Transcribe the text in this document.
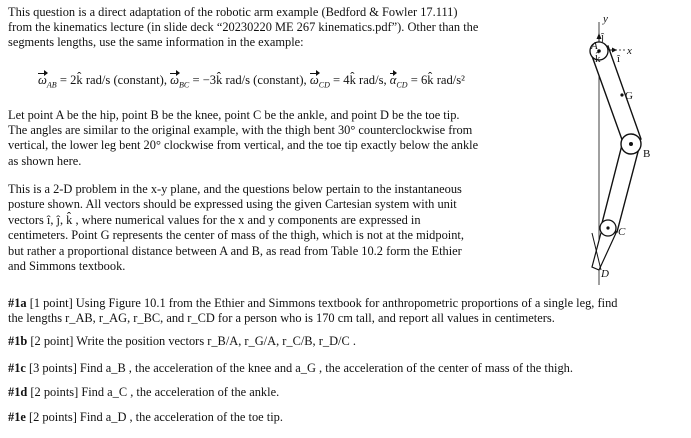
This question is a direct adaptation of the robotic arm example (Bedford & Fowler 17.111)
from the kinematics lecture (in slide deck “20230220 ME 267 kinematics.pdf”). Other than the
segments lengths, use the same information in the example:

$\omega_{AB}$ = 2k̂ rad/s (constant), $\omega_{BC}$ = −3k̂ rad/s (constant), $\omega_{CD}$ = 4k̂ rad/s, $\alpha_{CD}$ = 6k̂ rad/s²

Let point A be the hip, point B be the knee, point C be the ankle, and point D be the toe tip.
The angles are similar to the original example, with the thigh bent 30° counterclockwise from
vertical, the lower leg bent 20° clockwise from vertical, and the toe tip exactly below the ankle
as shown here.

This is a 2-D problem in the x-y plane, and the questions below pertain to the instantaneous
posture shown. All vectors should be expressed using the given Cartesian system with unit
vectors î, ĵ, k̂ , where numerical values for the x and y components are expressed in
centimeters. Point G represents the center of mass of the thigh, which is not at the midpoint,
but rather a proportional distance between A and B, as read from Table 10.2 form the Ethier
and Simmons textbook.

#1a [1 point] Using Figure 10.1 from the Ethier and Simmons textbook for anthropometric proportions of a single leg, find
the lengths r_AB, r_AG, r_BC, and r_CD for a person who is 170 cm tall, and report all values in centimeters.

#1b [2 point] Write the position vectors r_B/A, r_G/A, r_C/B, r_D/C .

#1c [3 points] Find a_B , the acceleration of the knee and a_G , the acceleration of the center of mass of the thigh.

#1d [2 points] Find a_C , the acceleration of the ankle.

#1e [2 points] Find a_D , the acceleration of the toe tip.

k̂
y
x
A
î
ĵ
G
B
C
D
